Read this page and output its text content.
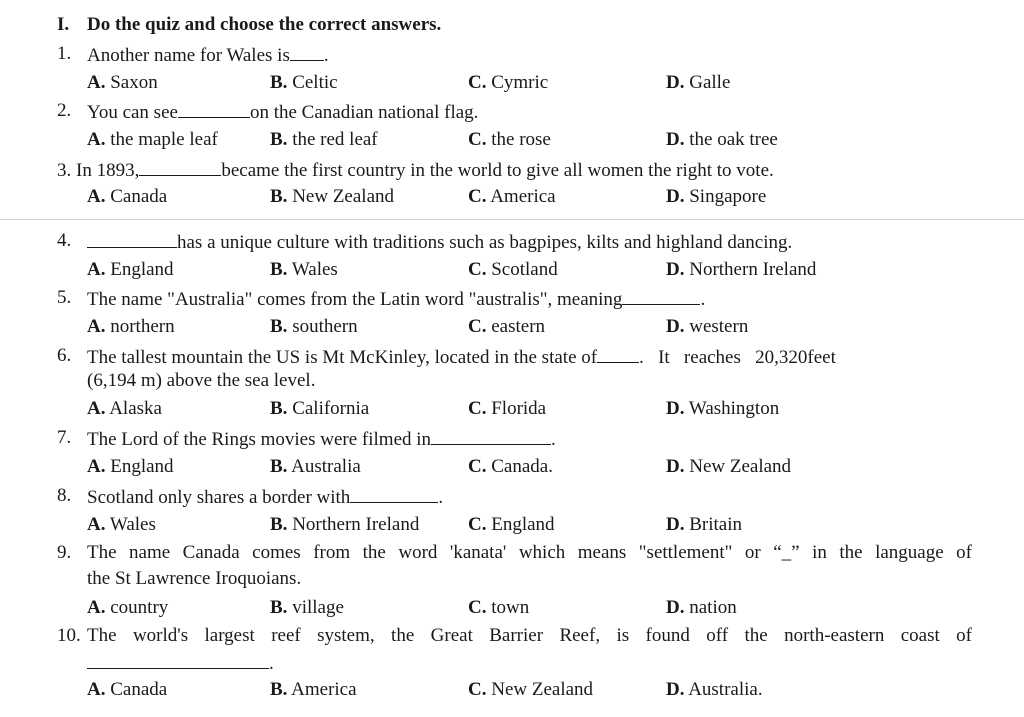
I. Do the quiz and choose the correct answers.
1. Another name for Wales is .
A. Saxon	B. Celtic	C. Cymric	D. Galle
2. You can see	on the Canadian national flag.
A. the maple leaf	B. the red leaf	C. the rose	D. the oak tree
3. In 1893,	became the first country in the world to give all women the right to vote.
A. Canada	B. New Zealand	C. America	D. Singapore
4.	has a unique culture with traditions such as bagpipes, kilts and highland dancing.
A. England	B. Wales	C. Scotland	D. Northern Ireland
5. The name "Australia" comes from the Latin word "australis", meaning	.
A. northern	B. southern	C. eastern	D. western
6. The tallest mountain the US is Mt McKinley, located in the state of .   It   reaches   20,320feet
(6,194 m) above the sea level.
A. Alaska	B. California	C. Florida	D. Washington
7. The Lord of the Rings movies were filmed in	.
A. England	B. Australia	C. Canada.	D. New Zealand
8. Scotland only shares a border with	.
A. Wales	B. Northern Ireland	C. England	D. Britain
9. The name Canada comes from the word 'kanata' which means "settlement" or “_” in the language of
the St Lawrence Iroquoians.
A. country	B. village	C. town	D. nation
10. The world's largest reef system, the Great Barrier Reef, is found off the north-eastern coast of
.
A. Canada	B. America	C. New Zealand	D. Australia.
